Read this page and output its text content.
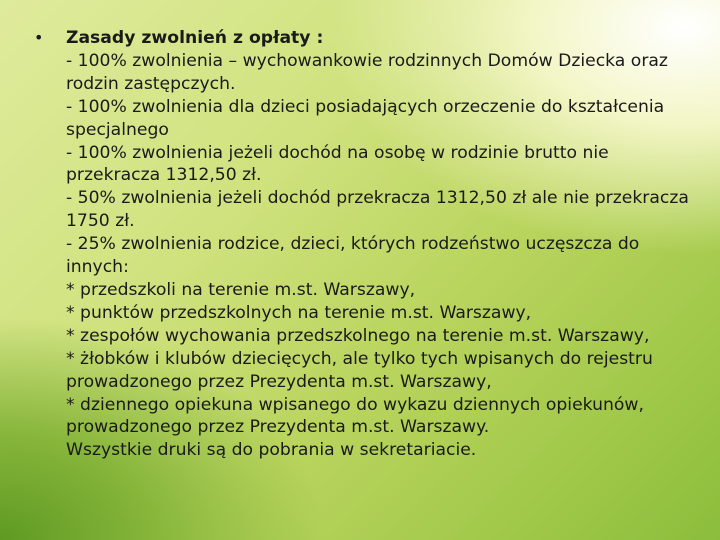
•	Zasady zwolnień z opłaty :
- 100% zwolnienia – wychowankowie rodzinnych Domów Dziecka oraz rodzin zastępczych.
- 100% zwolnienia dla dzieci posiadających orzeczenie do kształcenia specjalnego
- 100% zwolnienia jeżeli dochód na osobę w rodzinie brutto nie przekracza 1312,50 zł.
- 50% zwolnienia jeżeli dochód przekracza 1312,50 zł ale nie przekracza 1750 zł.
- 25% zwolnienia rodzice, dzieci, których rodzeństwo uczęszcza do innych:
* przedszkoli na terenie m.st. Warszawy,
* punktów przedszkolnych na terenie m.st. Warszawy,
* zespołów wychowania przedszkolnego na terenie m.st. Warszawy,
* żłobków i klubów dziecięcych, ale tylko tych wpisanych do rejestru prowadzonego przez Prezydenta m.st. Warszawy,
* dziennego opiekuna wpisanego do wykazu dziennych opiekunów, prowadzonego przez Prezydenta m.st. Warszawy.
Wszystkie druki są do pobrania w sekretariacie.
